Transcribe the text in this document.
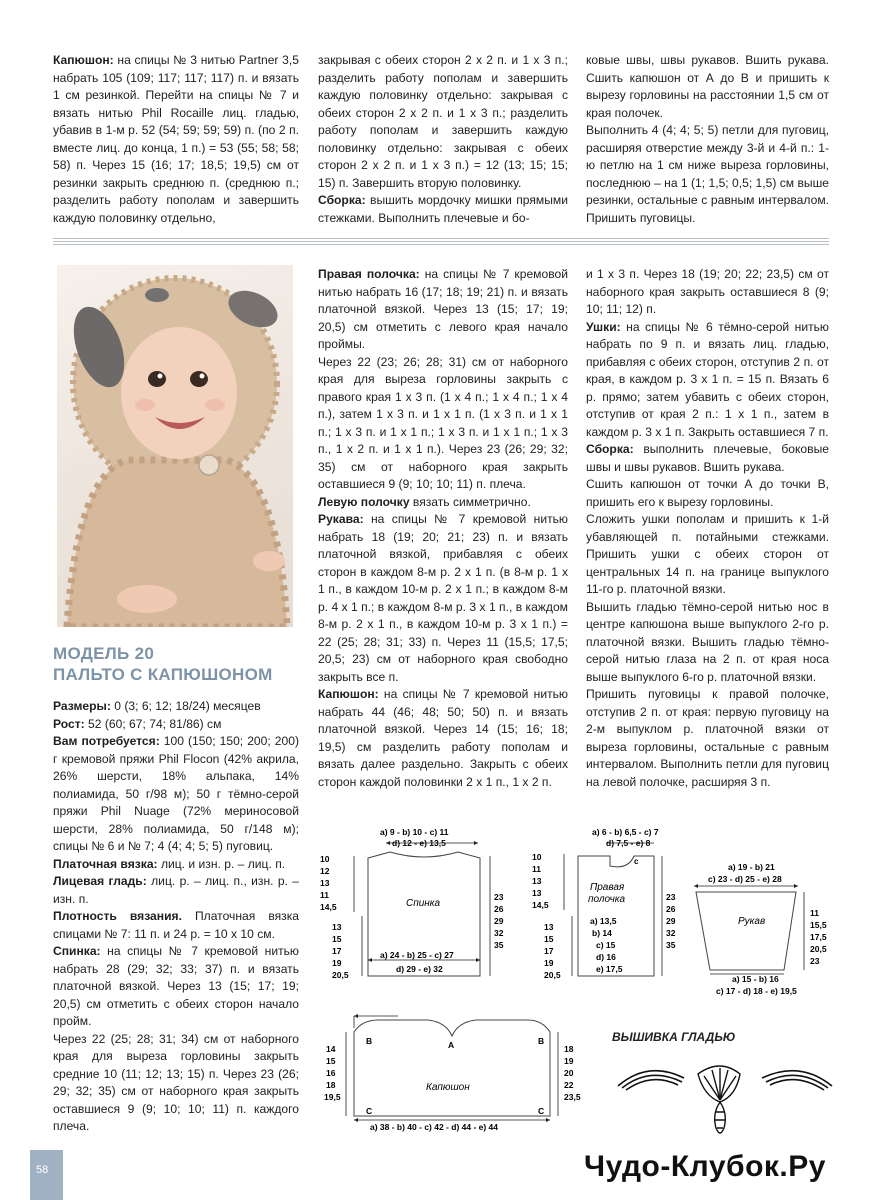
Капюшон: на спицы № 3 нитью Partner 3,5 набрать 105 (109; 117; 117; 117) п. и вязать 1 см резинкой. Перейти на спицы № 7 и вязать нитью Phil Rocaille лиц. гладью, убавив в 1-м р. 52 (54; 59; 59; 59) п. (по 2 п. вместе лиц. до конца, 1 п.) = 53 (55; 58; 58; 58) п. Через 15 (16; 17; 18,5; 19,5) см от резинки закрыть среднюю п. (среднюю п.; разделить работу пополам и завершить каждую половинку отдельно,

закрывая с обеих сторон 2 х 2 п. и 1 х 3 п.; разделить работу пополам и завершить каждую половинку отдельно: закрывая с обеих сторон 2 х 2 п. и 1 х 3 п.; разделить работу пополам и завершить каждую половинку отдельно: закрывая с обеих сторон 2 х 2 п. и 1 х 3 п.) = 12 (13; 15; 15; 15) п. Завершить вторую половинку.

Сборка: вышить мордочку мишки прямыми стежками. Выполнить плечевые и бо-

ковые швы, швы рукавов. Вшить рукава. Сшить капюшон от А до В и пришить к вырезу горловины на расстоянии 1,5 см от края полочек.

Выполнить 4 (4; 4; 5; 5) петли для пуговиц, расширяя отверстие между 3-й и 4-й п.: 1-ю петлю на 1 см ниже выреза горловины, последнюю – на 1 (1; 1,5; 0,5; 1,5) см выше резинки, остальные с равным интервалом. Пришить пуговицы.

МОДЕЛЬ 20
ПАЛЬТО С КАПЮШОНОМ

Правая полочка: на спицы № 7 кремовой нитью набрать 16 (17; 18; 19; 21) п. и вязать платочной вязкой. Через 13 (15; 17; 19; 20,5) см отметить с левого края начало проймы.

Через 22 (23; 26; 28; 31) см от наборного края для выреза горловины закрыть с правого края 1 х 3 п. (1 х 4 п.; 1 х 4 п.; 1 х 4 п.), затем 1 х 3 п. и 1 х 1 п. (1 х 3 п. и 1 х 1 п.; 1 х 3 п. и 1 х 1 п.; 1 х 3 п. и 1 х 1 п.; 1 х 3 п., 1 х 2 п. и 1 х 1 п.). Через 23 (26; 29; 32; 35) см от наборного края закрыть оставшиеся 9 (9; 10; 10; 11) п. плеча.

Левую полочку вязать симметрично.

Рукава: на спицы № 7 кремовой нитью набрать 18 (19; 20; 21; 23) п. и вязать платочной вязкой, прибавляя с обеих сторон в каждом 8-м р. 2 х 1 п. (в 8-м р. 1 х 1 п., в каждом 10-м р. 2 х 1 п.; в каждом 8-м р. 4 х 1 п.; в каждом 8-м р. 3 х 1 п., в каждом 8-м р. 2 х 1 п., в каждом 10-м р. 3 х 1 п.) = 22 (25; 28; 31; 33) п. Через 11 (15,5; 17,5; 20,5; 23) см от наборного края свободно закрыть все п.

Капюшон: на спицы № 7 кремовой нитью набрать 44 (46; 48; 50; 50) п. и вязать платочной вязкой. Через 14 (15; 16; 18; 19,5) см разделить работу пополам и вязать далее раздельно. Закрыть с обеих сторон каждой половинки 2 х 1 п., 1 х 2 п.

и 1 х 3 п. Через 18 (19; 20; 22; 23,5) см от наборного края закрыть оставшиеся 8 (9; 10; 11; 12) п.

Ушки: на спицы № 6 тёмно-серой нитью набрать по 9 п. и вязать лиц. гладью, прибавляя с обеих сторон, отступив 2 п. от края, в каждом р. 3 х 1 п. = 15 п. Вязать 6 р. прямо; затем убавить с обеих сторон, отступив от края 2 п.: 1 х 1 п., затем в каждом р. 3 х 1 п. Закрыть оставшиеся 7 п.

Сборка: выполнить плечевые, боковые швы и швы рукавов. Вшить рукава.

Сшить капюшон от точки А до точки В, пришить его к вырезу горловины.

Сложить ушки пополам и пришить к 1-й убавляющей п. потайными стежками. Пришить ушки с обеих сторон от центральных 14 п. на границе выпуклого 11-го р. платочной вязки.

Вышить гладью тёмно-серой нитью нос в центре капюшона выше выпуклого 2-го р. платочной вязки. Вышить гладью тёмно-серой нитью глаза на 2 п. от края носа выше выпуклого 6-го р. платочной вязки.

Пришить пуговицы к правой полочке, отступив 2 п. от края: первую пуговицу на 2-м выпуклом р. платочной вязки от выреза горловины, остальные с равным интервалом. Выполнить петли для пуговиц на левой полочке, расширяя 3 п.

Размеры: 0 (3; 6; 12; 18/24) месяцев

Рост: 52 (60; 67; 74; 81/86) см

Вам потребуется: 100 (150; 150; 200; 200) г кремовой пряжи Phil Flocon (42% акрила, 26% шерсти, 18% альпака, 14% полиамида, 50 г/98 м); 50 г тёмно-серой пряжи Phil Nuage (72% мериносовой шерсти, 28% полиамида, 50 г/148 м); спицы № 6 и № 7; 4 (4; 4; 5; 5) пуговиц.

Платочная вязка: лиц. и изн. р. – лиц. п.

Лицевая гладь: лиц. р. – лиц. п., изн. р. – изн. п.

Плотность вязания. Платочная вязка спицами № 7: 11 п. и 24 р. = 10 х 10 см.

Спинка: на спицы № 7 кремовой нитью набрать 28 (29; 32; 33; 37) п. и вязать платочной вязкой. Через 13 (15; 17; 19; 20,5) см отметить с обеих сторон начало пройм.

Через 22 (25; 28; 31; 34) см от наборного края для выреза горловины закрыть средние 10 (11; 12; 13; 15) п. Через 23 (26; 29; 32; 35) см от наборного края закрыть оставшиеся 9 (9; 10; 10; 11) п. каждого плеча.

a) 9 - b) 10 - c) 11
d) 12 - e) 13,5
Спинка
10
12
13
11
14,5
13
15
17
19
20,5
23
26
29
32
35
a) 24 - b) 25 - c) 27
d) 29 - e) 32
a) 6 - b) 6,5 - c) 7
d) 7,5 - e) 8
c
Правая
полочка
10
11
13
13
14,5
13
15
17
19
20,5
a) 13,5
b) 14
c) 15
d) 16
e) 17,5
23
26
29
32
35
a) 19 - b) 21
c) 23 - d) 25 - e) 28
Рукав
11
15,5
17,5
20,5
23
a) 15 - b) 16
c) 17 - d) 18 - e) 19,5
B	B
A
C	C
Капюшон
14
15
16
18
19,5
18
19
20
22
23,5
a) 38 - b) 40 - c) 42 - d) 44 - e) 44
ВЫШИВКА ГЛАДЬЮ
58	Чудо-Клубок.Ру
